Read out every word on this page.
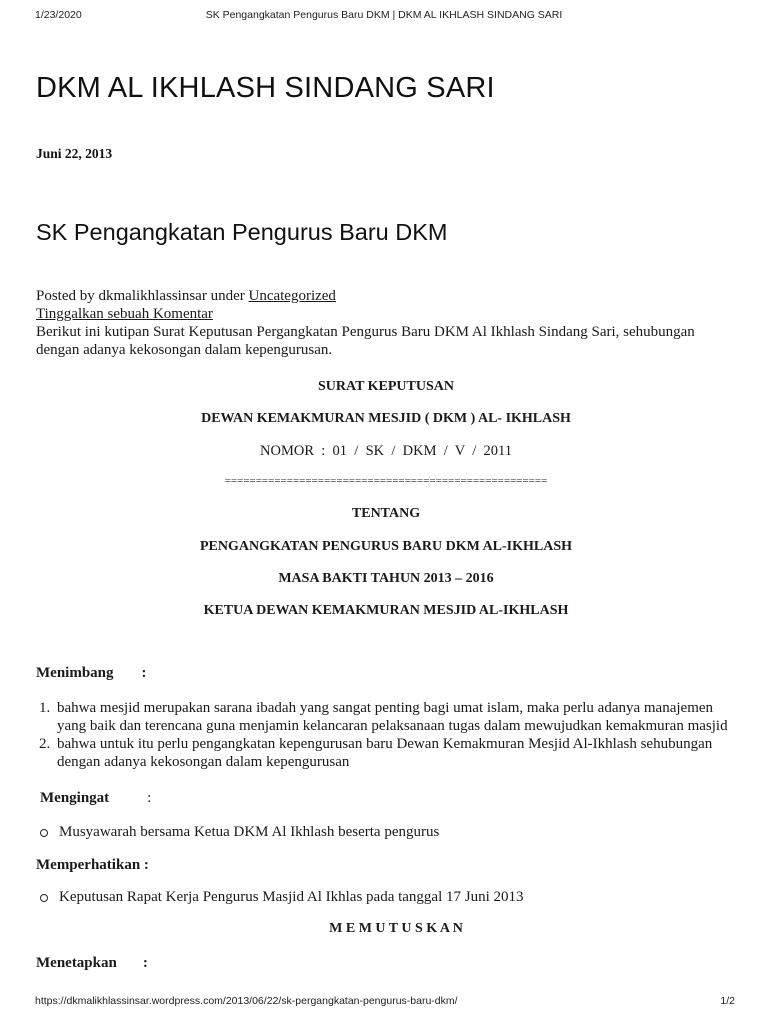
1/23/2020	SK Pengangkatan Pengurus Baru DKM | DKM AL IKHLASH SINDANG SARI
DKM AL IKHLASH SINDANG SARI

Juni 22, 2013

SK Pengangkatan Pengurus Baru DKM

Posted by dkmalikhlassinsar under Uncategorized

Tinggalkan sebuah Komentar

Berikut ini kutipan Surat Keputusan Pergangkatan Pengurus Baru DKM Al Ikhlash Sindang Sari, sehubungan dengan adanya kekosongan dalam kepengurusan.

SURAT KEPUTUSAN

DEWAN KEMAKMURAN MESJID ( DKM ) AL- IKHLASH

NOMOR  :  01  /  SK  /  DKM  /  V  /  2011

====================================================

TENTANG

PENGANGKATAN PENGURUS BARU DKM AL-IKHLASH

MASA BAKTI TAHUN 2013 – 2016

KETUA DEWAN KEMAKMURAN MESJID AL-IKHLASH

Menimbang :

1. bahwa mesjid merupakan sarana ibadah yang sangat penting bagi umat islam, maka perlu adanya manajemen yang baik dan terencana guna menjamin kelancaran pelaksanaan tugas dalam mewujudkan kemakmuran masjid
2. bahwa untuk itu perlu pengangkatan kepengurusan baru Dewan Kemakmuran Mesjid Al-Ikhlash sehubungan dengan adanya kekosongan dalam kepengurusan

Mengingat	:

Musyawarah bersama Ketua DKM Al Ikhlash beserta pengurus

Memperhatikan :

Keputusan Rapat Kerja Pengurus Masjid Al Ikhlas pada tanggal 17 Juni 2013

M E M U T U S K A N

Menetapkan :

https://dkmalikhlassinsar.wordpress.com/2013/06/22/sk-pergangkatan-pengurus-baru-dkm/	1/2
